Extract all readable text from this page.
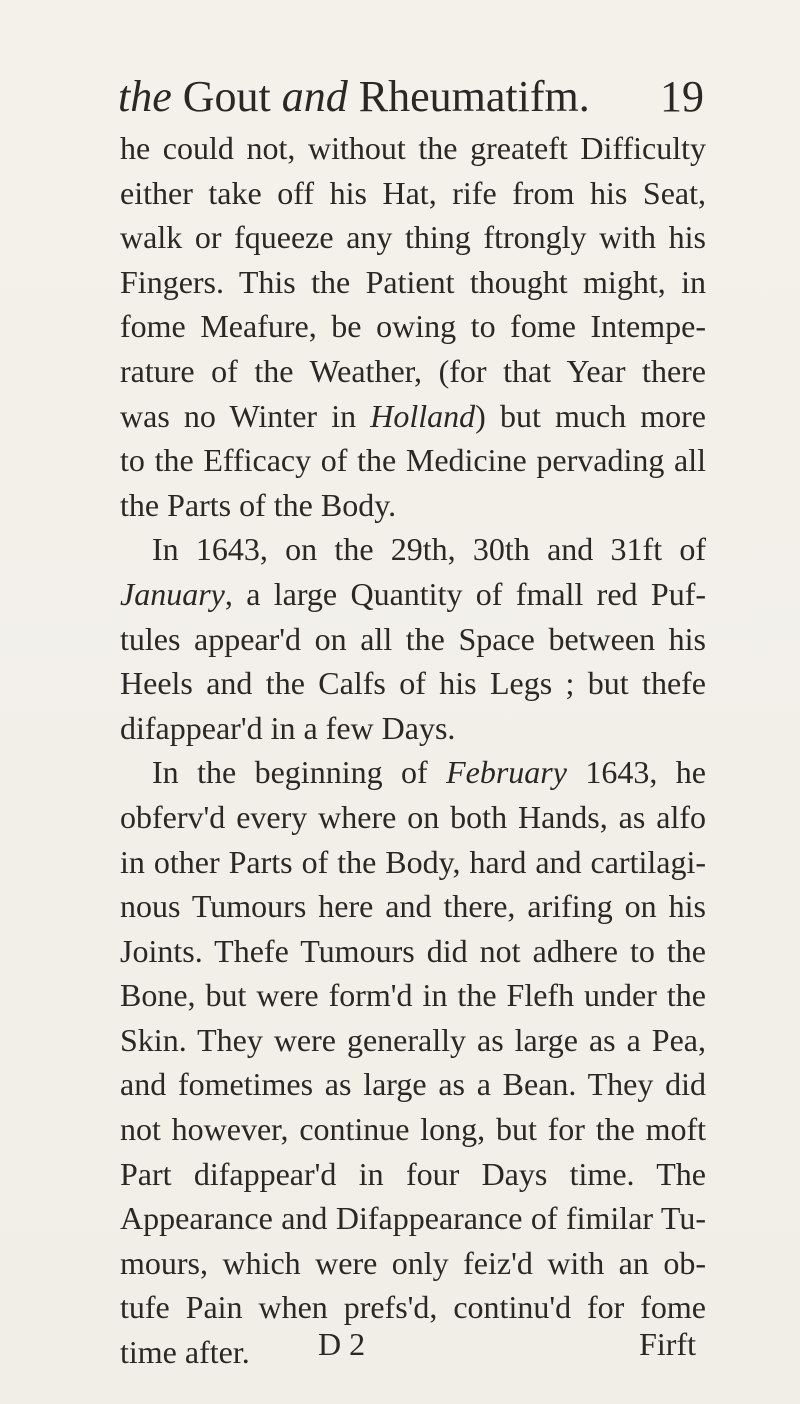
the Gout and Rheumatifm. 19
he could not, without the greateft Difficulty
either take off his Hat, rife from his Seat,
walk or fqueeze any thing ftrongly with his
Fingers. This the Patient thought might, in
fome Meafure, be owing to fome Intempe-
rature of the Weather, (for that Year there
was no Winter in Holland) but much more
to the Efficacy of the Medicine pervading all
the Parts of the Body.
In 1643, on the 29th, 30th and 31ft of
January, a large Quantity of fmall red Puf-
tules appear'd on all the Space between his
Heels and the Calfs of his Legs ; but thefe
difappear'd in a few Days.
In the beginning of February 1643, he
obferv'd every where on both Hands, as alfo
in other Parts of the Body, hard and cartilagi-
nous Tumours here and there, arifing on his
Joints. Thefe Tumours did not adhere to the
Bone, but were form'd in the Flefh under the
Skin. They were generally as large as a Pea,
and fometimes as large as a Bean. They did
not however, continue long, but for the moft
Part difappear'd in four Days time. The
Appearance and Difappearance of fimilar Tu-
mours, which were only feiz'd with an ob-
tufe Pain when prefs'd, continu'd for fome
time after.	D 2	Firft
